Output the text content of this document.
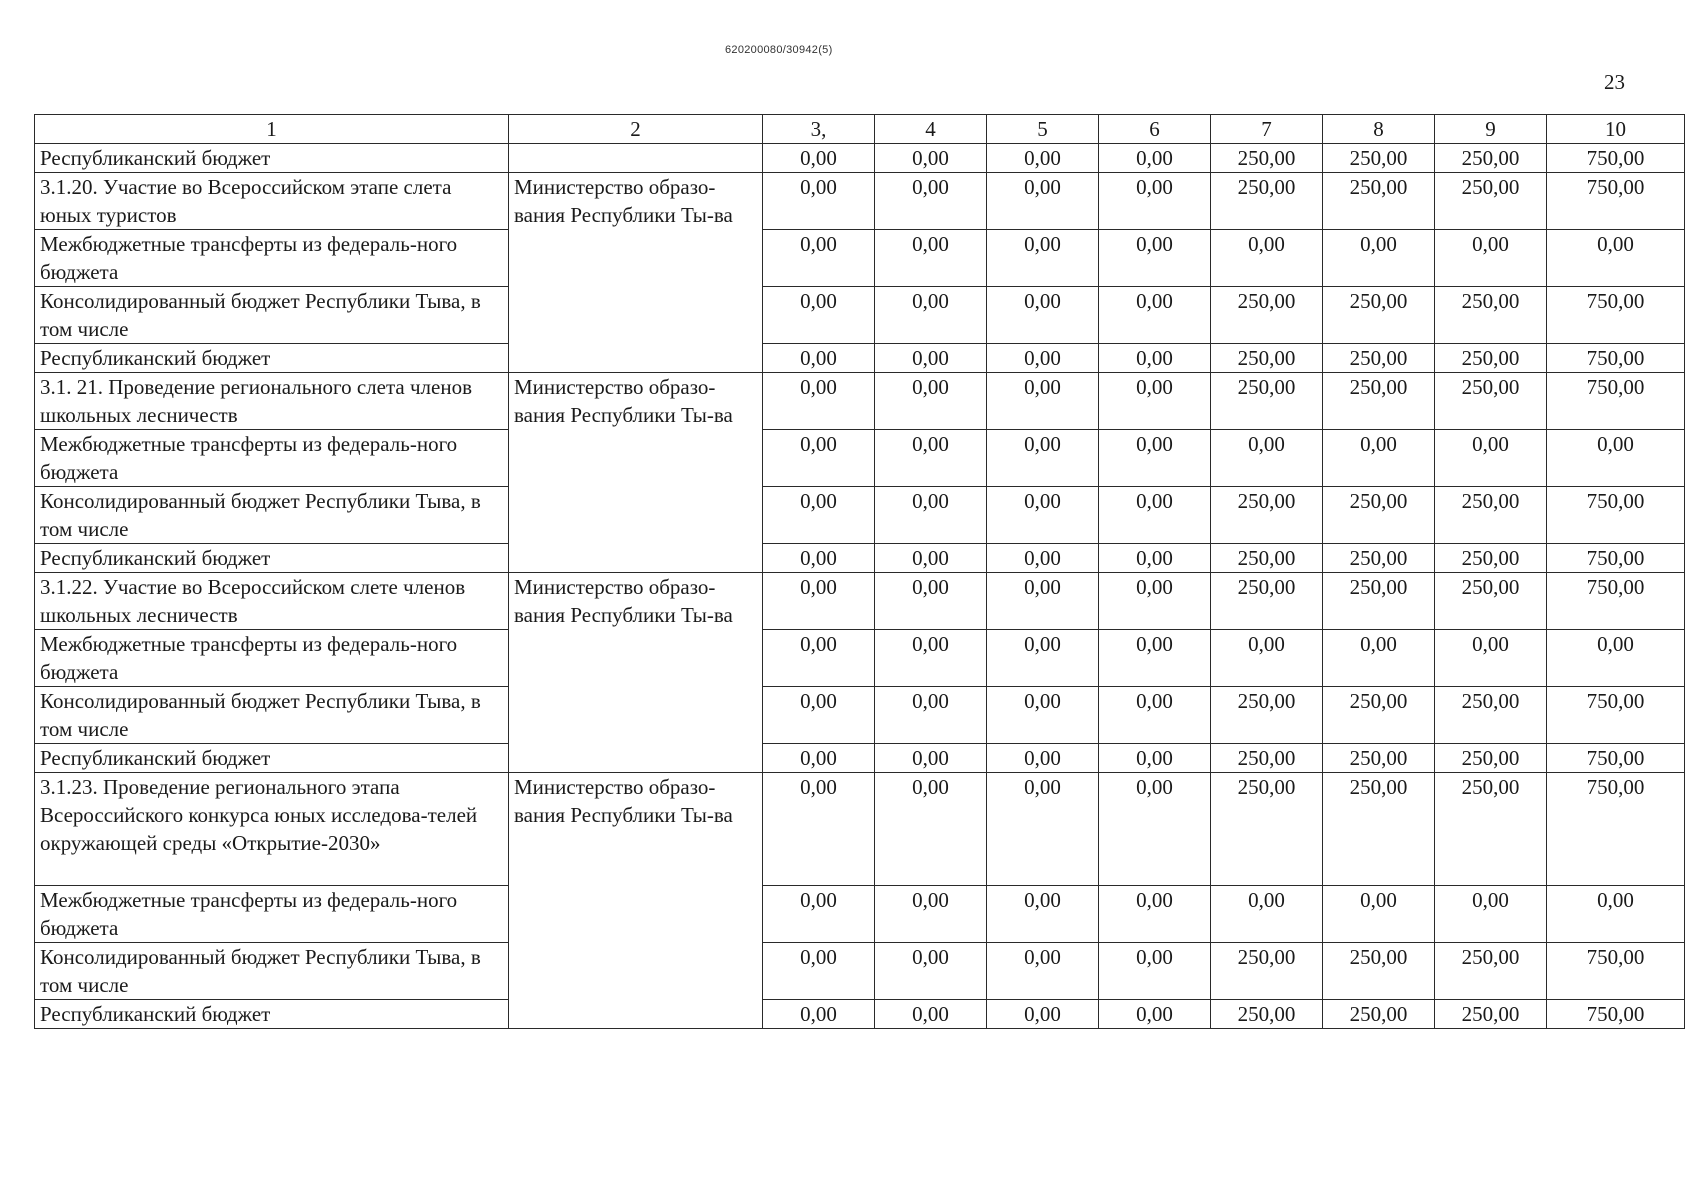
620200080/30942(5)
23
1	2	3,	4	5	6	7	8	9	10
Республиканский бюджет		0,00	0,00	0,00	0,00	250,00	250,00	250,00	750,00
3.1.20. Участие во Всероссийском этапе слета юных туристов	Министерство образо-вания Республики Ты-ва	0,00	0,00	0,00	0,00	250,00	250,00	250,00	750,00
Межбюджетные трансферты из федераль-ного бюджета		0,00	0,00	0,00	0,00	0,00	0,00	0,00	0,00
Консолидированный бюджет Республики Тыва, в том числе		0,00	0,00	0,00	0,00	250,00	250,00	250,00	750,00
Республиканский бюджет		0,00	0,00	0,00	0,00	250,00	250,00	250,00	750,00
3.1. 21. Проведение регионального слета членов школьных лесничеств	Министерство образо-вания Республики Ты-ва	0,00	0,00	0,00	0,00	250,00	250,00	250,00	750,00
Межбюджетные трансферты из федераль-ного бюджета		0,00	0,00	0,00	0,00	0,00	0,00	0,00	0,00
Консолидированный бюджет Республики Тыва, в том числе		0,00	0,00	0,00	0,00	250,00	250,00	250,00	750,00
Республиканский бюджет		0,00	0,00	0,00	0,00	250,00	250,00	250,00	750,00
3.1.22. Участие во Всероссийском слете членов школьных лесничеств	Министерство образо-вания Республики Ты-ва	0,00	0,00	0,00	0,00	250,00	250,00	250,00	750,00
Межбюджетные трансферты из федераль-ного бюджета		0,00	0,00	0,00	0,00	0,00	0,00	0,00	0,00
Консолидированный бюджет Республики Тыва, в том числе		0,00	0,00	0,00	0,00	250,00	250,00	250,00	750,00
Республиканский бюджет		0,00	0,00	0,00	0,00	250,00	250,00	250,00	750,00
3.1.23. Проведение регионального этапа Всероссийского конкурса юных исследова-телей окружающей среды «Открытие-2030»	Министерство образо-вания Республики Ты-ва	0,00	0,00	0,00	0,00	250,00	250,00	250,00	750,00
Межбюджетные трансферты из федераль-ного бюджета		0,00	0,00	0,00	0,00	0,00	0,00	0,00	0,00
Консолидированный бюджет Республики Тыва, в том числе		0,00	0,00	0,00	0,00	250,00	250,00	250,00	750,00
Республиканский бюджет		0,00	0,00	0,00	0,00	250,00	250,00	250,00	750,00
